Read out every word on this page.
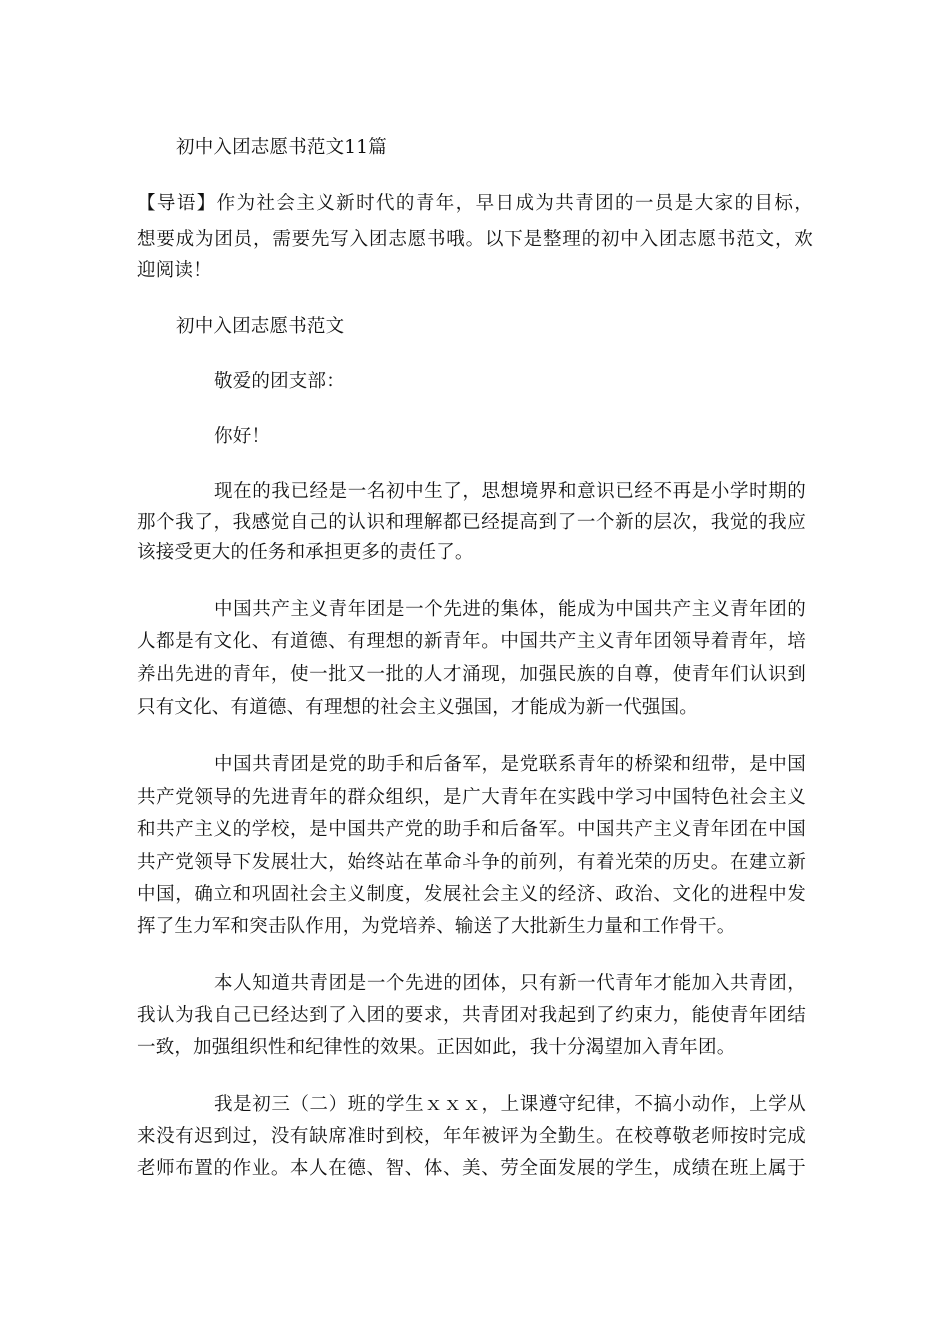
初中入团志愿书范文11篇
【导语】作为社会主义新时代的青年，早日成为共青团的一员是大家的目标，
想要成为团员，需要先写入团志愿书哦。以下是整理的初中入团志愿书范文，欢
迎阅读！
初中入团志愿书范文
敬爱的团支部：
你好！
现在的我已经是一名初中生了，思想境界和意识已经不再是小学时期的
那个我了，我感觉自己的认识和理解都已经提高到了一个新的层次，我觉的我应
该接受更大的任务和承担更多的责任了。
中国共产主义青年团是一个先进的集体，能成为中国共产主义青年团的
人都是有文化、有道德、有理想的新青年。中国共产主义青年团领导着青年，培
养出先进的青年，使一批又一批的人才涌现，加强民族的自尊，使青年们认识到
只有文化、有道德、有理想的社会主义强国，才能成为新一代强国。
中国共青团是党的助手和后备军，是党联系青年的桥梁和纽带，是中国
共产党领导的先进青年的群众组织，是广大青年在实践中学习中国特色社会主义
和共产主义的学校，是中国共产党的助手和后备军。中国共产主义青年团在中国
共产党领导下发展壮大，始终站在革命斗争的前列，有着光荣的历史。在建立新
中国，确立和巩固社会主义制度，发展社会主义的经济、政治、文化的进程中发
挥了生力军和突击队作用，为党培养、输送了大批新生力量和工作骨干。
本人知道共青团是一个先进的团体，只有新一代青年才能加入共青团，
我认为我自己已经达到了入团的要求，共青团对我起到了约束力，能使青年团结
一致，加强组织性和纪律性的效果。正因如此，我十分渴望加入青年团。
我是初三（二）班的学生ｘｘｘ，上课遵守纪律，不搞小动作，上学从
来没有迟到过，没有缺席准时到校，年年被评为全勤生。在校尊敬老师按时完成
老师布置的作业。本人在德、智、体、美、劳全面发展的学生，成绩在班上属于
